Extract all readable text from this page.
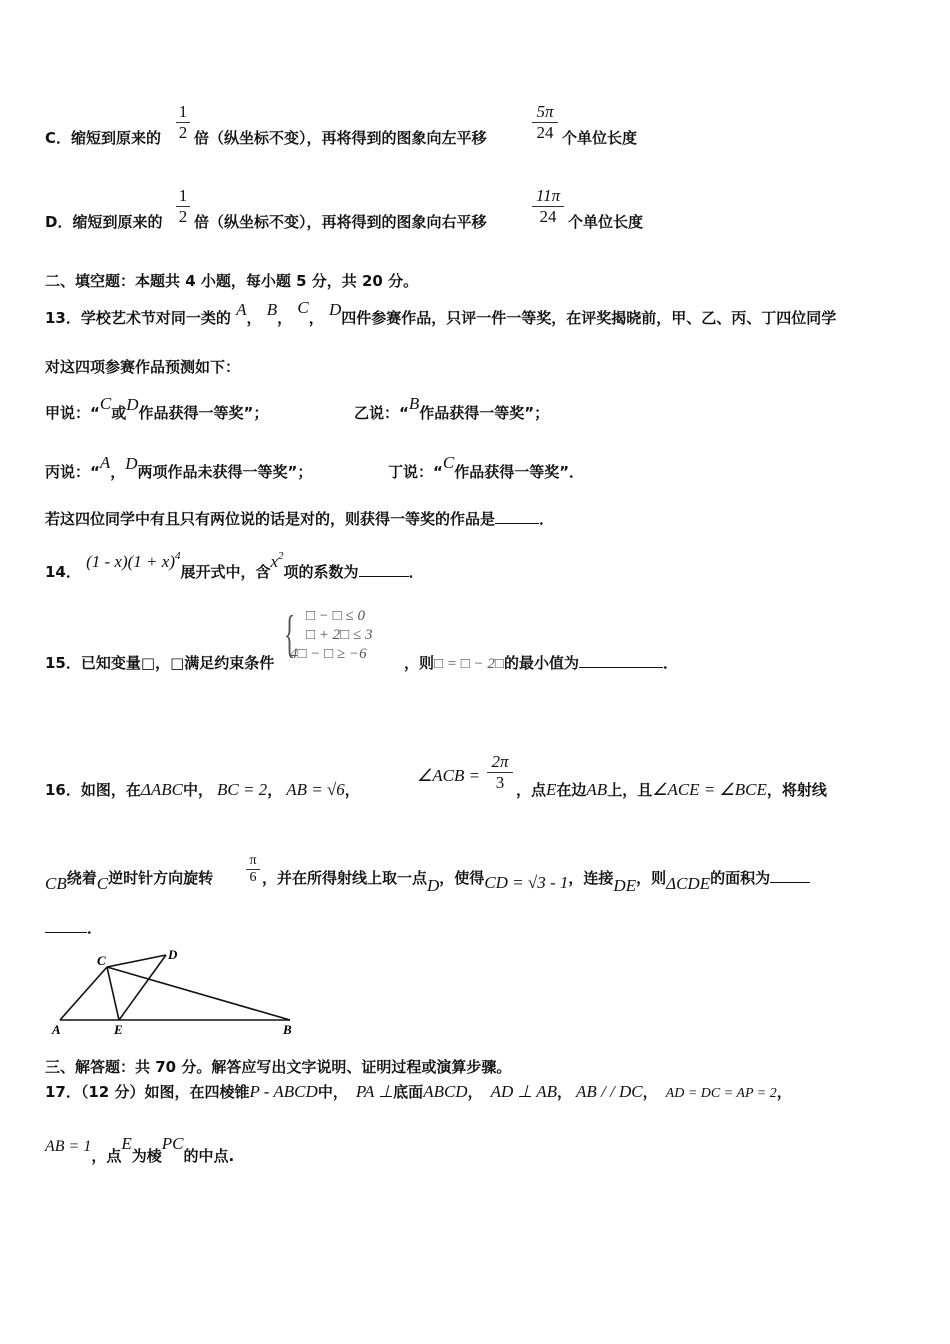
C．缩短到原来的 $\frac{1}{2}$ 倍（纵坐标不变），再将得到的图象向左平移	$\frac{5\pi}{24}$ 个单位长度
D．缩短到原来的 $\frac{1}{2}$ 倍（纵坐标不变），再将得到的图象向右平移	$\frac{11\pi}{24}$ 个单位长度
二、填空题：本题共 4 小题，每小题 5 分，共 20 分。
13．学校艺术节对同一类的 A， B， C， D四件参赛作品，只评一件一等奖，在评奖揭晓前，甲、乙、丙、丁四位同学
对这四项参赛作品预测如下：
甲说：“C或D作品获得一等奖”；	乙说：“B作品获得一等奖”；
丙说：“A，D两项作品未获得一等奖”；	丁说：“C作品获得一等奖”．
若这四位同学中有且只有两位说的话是对的，则获得一等奖的作品是	．
14． $(1 - x)(1 + x)^4$展开式中，含$x^2$项的系数为	．
15．已知变量□，□满足约束条件 { □ − □ ≤ 0
□ + 2□ ≤ 3
4□ − □ ≥ −6 ，则□ = □ − 2□的最小值为	．
16．如图，在ΔABC中， BC = 2， AB = √6，
∠ACB = $\frac{2\pi}{3}$ ，点E在边AB上，且∠ACE = ∠BCE，将射线
CB绕着C逆时针方向旋转 $\frac{\pi}{6}$ ，并在所得射线上取一点D，使得CD = √3 - 1，连接DE，则ΔCDE的面积为
．
A	E	B
C	D
三、解答题：共 70 分。解答应写出文字说明、证明过程或演算步骤。
17．（12 分）如图，在四棱锥P - ABCD中， PA ⊥底面ABCD， AD ⊥ AB， AB / / DC， AD = DC = AP = 2，
AB = 1，点E为棱PC的中点.
